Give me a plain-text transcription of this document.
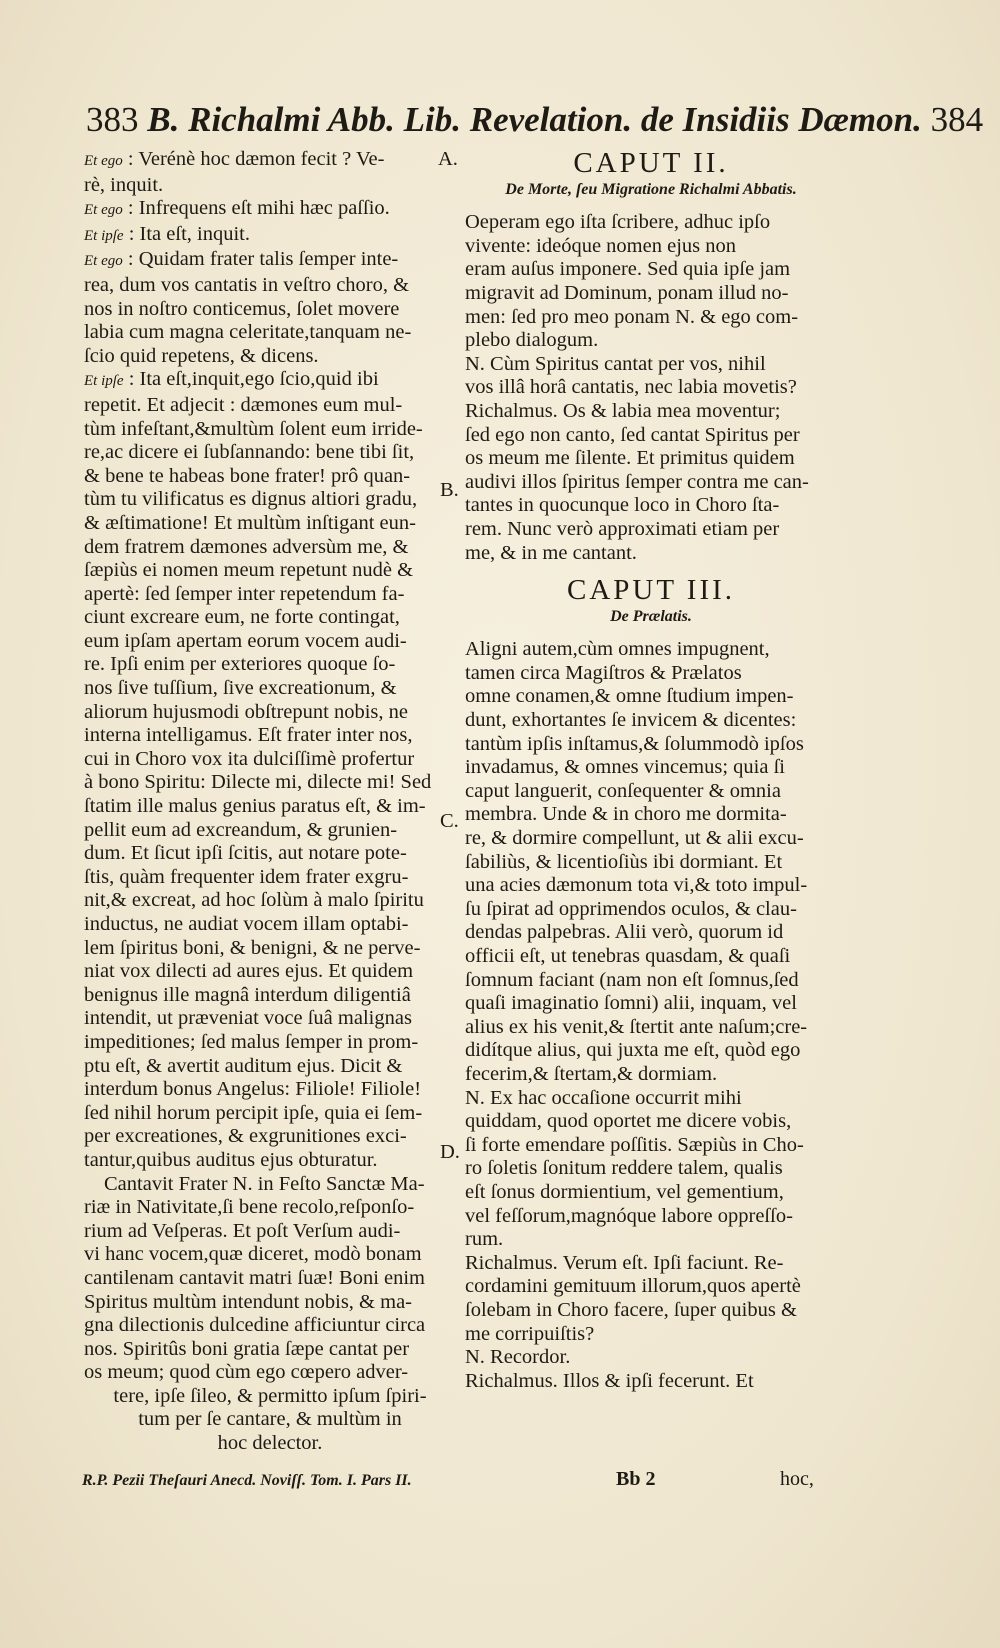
383 B. Richalmi Abb. Lib. Revelation. de Insidiis Dæmon. 384

Et ego : Verénè hoc dæmon fecit ? Ve-

rè, inquit.

Et ego : Infrequens eſt mihi hæc paſſio.

Et ipſe : Ita eſt, inquit.

Et ego : Quidam frater talis ſemper inte-

rea, dum vos cantatis in veſtro choro, &

nos in noſtro conticemus, ſolet movere

labia cum magna celeritate,tanquam ne-

ſcio quid repetens, & dicens.

Et ipſe : Ita eſt,inquit,ego ſcio,quid ibi

repetit. Et adjecit : dæmones eum mul-

tùm infeſtant,&multùm ſolent eum irride-

re,ac dicere ei ſubſannando: bene tibi ſit,

& bene te habeas bone frater! prô quan-

tùm tu vilificatus es dignus altiori gradu,

& æſtimatione! Et multùm inſtigant eun-

dem fratrem dæmones adversùm me, &

ſæpiùs ei nomen meum repetunt nudè &

apertè: ſed ſemper inter repetendum fa-

ciunt excreare eum, ne forte contingat,

eum ipſam apertam eorum vocem audi-

re. Ipſi enim per exteriores quoque ſo-

nos ſive tuſſium, ſive excreationum, &

aliorum hujusmodi obſtrepunt nobis, ne

interna intelligamus. Eſt frater inter nos,

cui in Choro vox ita dulciſſimè profertur

à bono Spiritu: Dilecte mi, dilecte mi! Sed

ſtatim ille malus genius paratus eſt, & im-

pellit eum ad excreandum, & grunien-

dum. Et ſicut ipſi ſcitis, aut notare pote-

ſtis, quàm frequenter idem frater exgru-

nit,& excreat, ad hoc ſolùm à malo ſpiritu

inductus, ne audiat vocem illam optabi-

lem ſpiritus boni, & benigni, & ne perve-

niat vox dilecti ad aures ejus. Et quidem

benignus ille magnâ interdum diligentiâ

intendit, ut præveniat voce ſuâ malignas

impeditiones; ſed malus ſemper in prom-

ptu eſt, & avertit auditum ejus. Dicit &

interdum bonus Angelus: Filiole! Filiole!

ſed nihil horum percipit ipſe, quia ei ſem-

per excreationes, & exgrunitiones exci-

tantur,quibus auditus ejus obturatur.

Cantavit Frater N. in Feſto Sanctæ Ma-

riæ in Nativitate,ſi bene recolo,reſponſo-

rium ad Veſperas. Et poſt Verſum audi-

vi hanc vocem,quæ diceret, modò bonam

cantilenam cantavit matri ſuæ! Boni enim

Spiritus multùm intendunt nobis, & ma-

gna dilectionis dulcedine afficiuntur circa

nos. Spiritûs boni gratia ſæpe cantat per

os meum; quod cùm ego cœpero adver-

tere, ipſe ſileo, & permitto ipſum ſpiri-

tum per ſe cantare, & multùm in

hoc delector.

CAPUT II.
De Morte, ſeu Migratione Richalmi Abbatis.

Oeperam ego iſta ſcribere, adhuc ipſo

vivente: ideóque nomen ejus non

eram auſus imponere. Sed quia ipſe jam

migravit ad Dominum, ponam illud no-

men: ſed pro meo ponam N. & ego com-

plebo dialogum.

N. Cùm Spiritus cantat per vos, nihil

vos illâ horâ cantatis, nec labia movetis?

Richalmus. Os & labia mea moventur;

ſed ego non canto, ſed cantat Spiritus per

os meum me ſilente. Et primitus quidem

audivi illos ſpiritus ſemper contra me can-

tantes in quocunque loco in Choro ſta-

rem. Nunc verò approximati etiam per

me, & in me cantant.

CAPUT III.
De Prælatis.

Aligni autem,cùm omnes impugnent,

tamen circa Magiſtros & Prælatos

omne conamen,& omne ſtudium impen-

dunt, exhortantes ſe invicem & dicentes:

tantùm ipſis inſtamus,& ſolummodò ipſos

invadamus, & omnes vincemus; quia ſi

caput languerit, conſequenter & omnia

membra. Unde & in choro me dormita-

re, & dormire compellunt, ut & alii excu-

ſabiliùs, & licentioſiùs ibi dormiant. Et

una acies dæmonum tota vi,& toto impul-

ſu ſpirat ad opprimendos oculos, & clau-

dendas palpebras. Alii verò, quorum id

officii eſt, ut tenebras quasdam, & quaſi

ſomnum faciant (nam non eſt ſomnus,ſed

quaſi imaginatio ſomni) alii, inquam, vel

alius ex his venit,& ſtertit ante naſum;cre-

didítque alius, qui juxta me eſt, quòd ego

fecerim,& ſtertam,& dormiam.

N. Ex hac occaſione occurrit mihi

quiddam, quod oportet me dicere vobis,

ſi forte emendare poſſitis. Sæpiùs in Cho-

ro ſoletis ſonitum reddere talem, qualis

eſt ſonus dormientium, vel gementium,

vel feſſorum,magnóque labore oppreſſo-

rum.

Richalmus. Verum eſt. Ipſi faciunt. Re-

cordamini gemituum illorum,quos apertè

ſolebam in Choro facere, ſuper quibus &

me corripuiſtis?

N. Recordor.

Richalmus. Illos & ipſi fecerunt. Et

A.
B.
C.
D.
R.P. Pezii Theſauri Anecd. Noviſſ. Tom. I. Pars II.	Bb 2	hoc,
